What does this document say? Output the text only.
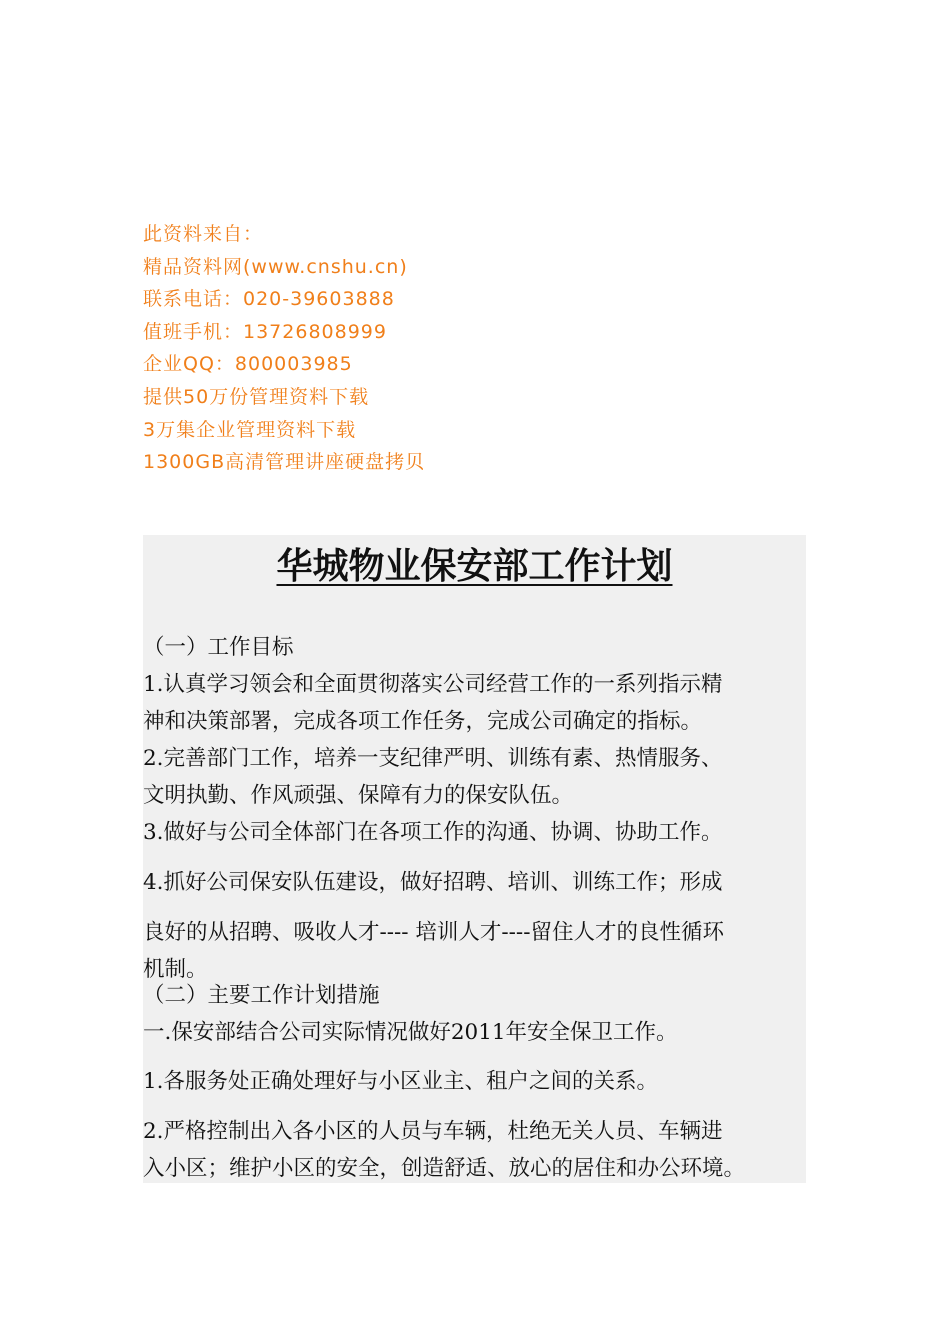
此资料来自：
精品资料网(www.cnshu.cn)
联系电话：020-39603888
值班手机：13726808999
企业QQ：800003985
提供50万份管理资料下载
3万集企业管理资料下载
1300GB高清管理讲座硬盘拷贝
华城物业保安部工作计划
（一）工作目标
1.认真学习领会和全面贯彻落实公司经营工作的一系列指示精
神和决策部署，完成各项工作任务，完成公司确定的指标。
2.完善部门工作，培养一支纪律严明、训练有素、热情服务、
文明执勤、作风顽强、保障有力的保安队伍。
3.做好与公司全体部门在各项工作的沟通、协调、协助工作。
4.抓好公司保安队伍建设，做好招聘、培训、训练工作；形成
良好的从招聘、吸收人才---- 培训人才----留住人才的良性循环
机制。
（二）主要工作计划措施
一.保安部结合公司实际情况做好2011年安全保卫工作。
1.各服务处正确处理好与小区业主、租户之间的关系。
2.严格控制出入各小区的人员与车辆，杜绝无关人员、车辆进
入小区；维护小区的安全，创造舒适、放心的居住和办公环境。
